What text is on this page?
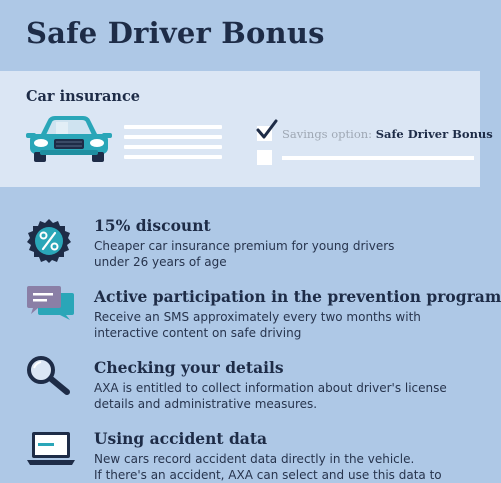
Safe Driver Bonus
Car insurance
Savings option: Safe Driver Bonus
15% discount

Cheaper car insurance premium for young drivers
under 26 years of age

Active participation in the prevention program

Receive an SMS approximately every two months with
interactive content on safe driving

Checking your details

AXA is entitled to collect information about driver's license
details and administrative measures.

Using accident data

New cars record accident data directly in the vehicle.
If there's an accident, AXA can select and use this data to
